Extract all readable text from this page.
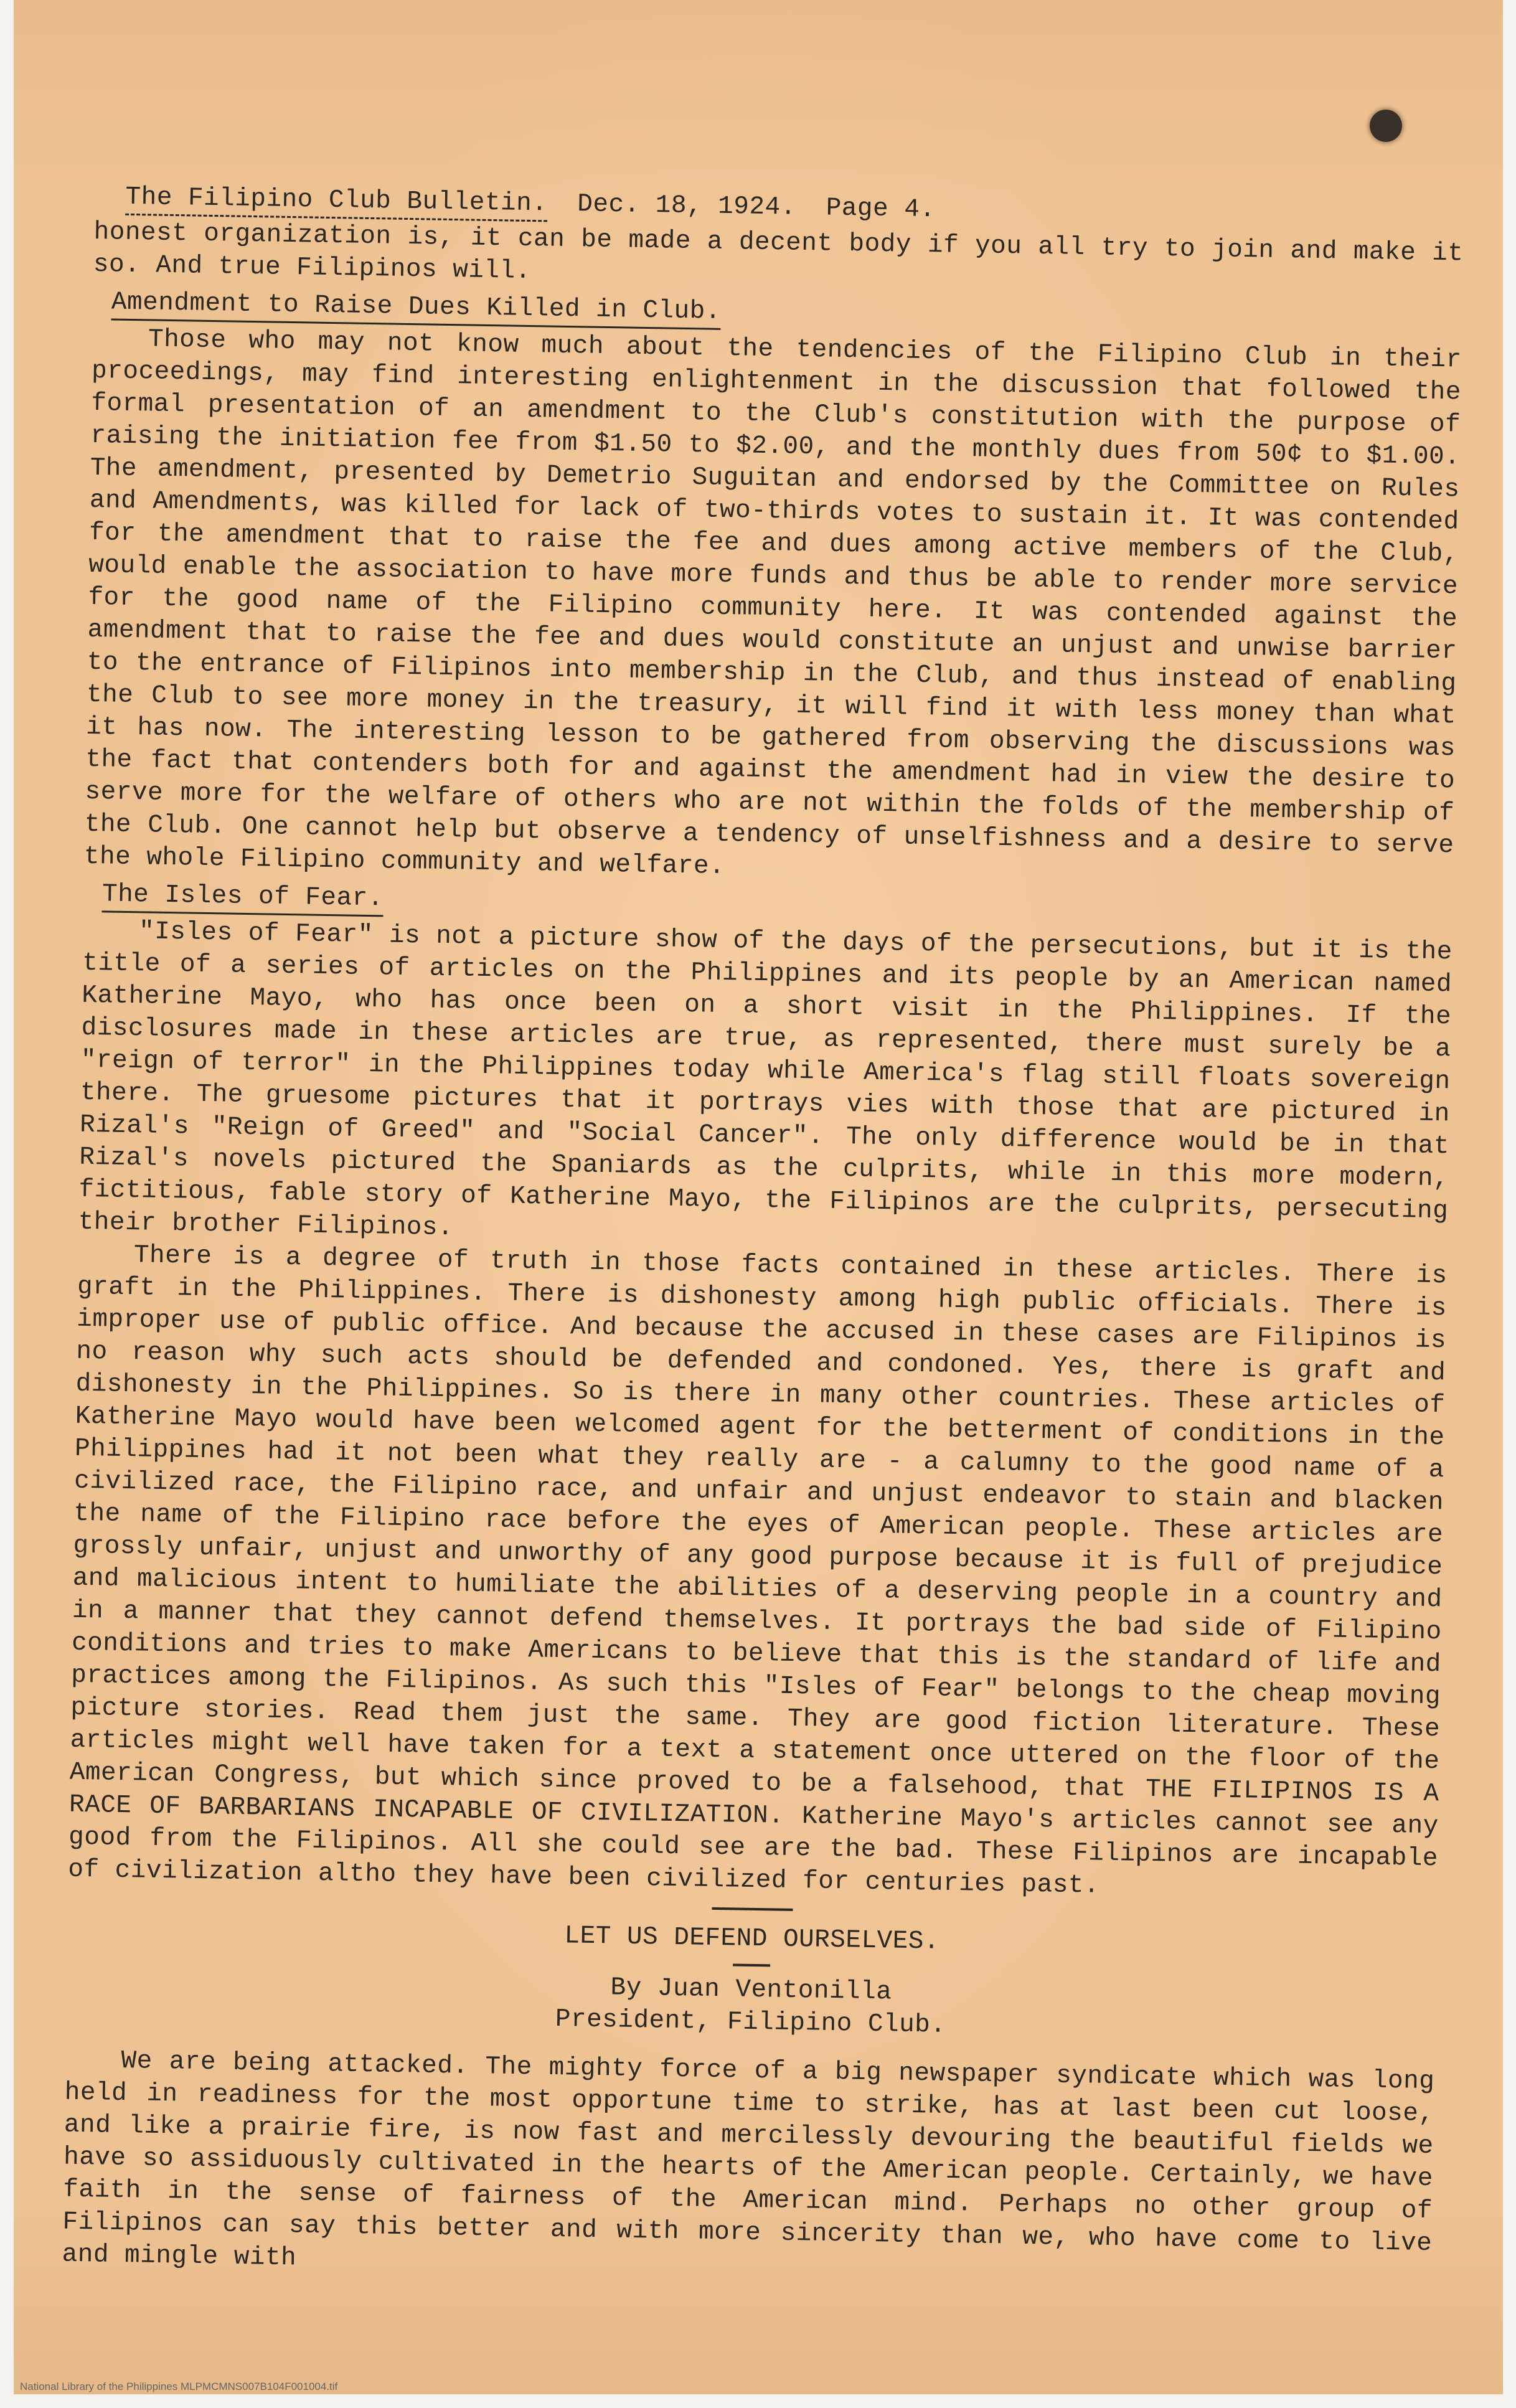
The Filipino Club Bulletin. Dec. 18, 1924. Page 4.

honest organization is, it can be made a decent body if you all try to join and make it so. And true Filipinos will.

Amendment to Raise Dues Killed in Club.

Those who may not know much about the tendencies of the Filipino Club in their proceedings, may find interesting enlightenment in the discussion that followed the formal presentation of an amendment to the Club's constitution with the purpose of raising the initiation fee from $1.50 to $2.00, and the monthly dues from 50¢ to $1.00. The amendment, presented by Demetrio Suguitan and endorsed by the Committee on Rules and Amendments, was killed for lack of two-thirds votes to sustain it. It was contended for the amendment that to raise the fee and dues among active members of the Club, would enable the association to have more funds and thus be able to render more service for the good name of the Filipino community here. It was contended against the amendment that to raise the fee and dues would constitute an unjust and unwise barrier to the entrance of Filipinos into membership in the Club, and thus instead of enabling the Club to see more money in the treasury, it will find it with less money than what it has now. The interesting lesson to be gathered from observing the discussions was the fact that contenders both for and against the amendment had in view the desire to serve more for the welfare of others who are not within the folds of the membership of the Club. One cannot help but observe a tendency of unselfishness and a desire to serve the whole Filipino community and welfare.

The Isles of Fear.

"Isles of Fear" is not a picture show of the days of the persecutions, but it is the title of a series of articles on the Philippines and its people by an American named Katherine Mayo, who has once been on a short visit in the Philippines. If the disclosures made in these articles are true, as represented, there must surely be a "reign of terror" in the Philippines today while America's flag still floats sovereign there. The gruesome pictures that it portrays vies with those that are pictured in Rizal's "Reign of Greed" and "Social Cancer". The only difference would be in that Rizal's novels pictured the Spaniards as the culprits, while in this more modern, fictitious, fable story of Katherine Mayo, the Filipinos are the culprits, persecuting their brother Filipinos.

There is a degree of truth in those facts contained in these articles. There is graft in the Philippines. There is dishonesty among high public officials. There is improper use of public office. And because the accused in these cases are Filipinos is no reason why such acts should be defended and condoned. Yes, there is graft and dishonesty in the Philippines. So is there in many other countries. These articles of Katherine Mayo would have been welcomed agent for the betterment of conditions in the Philippines had it not been what they really are - a calumny to the good name of a civilized race, the Filipino race, and unfair and unjust endeavor to stain and blacken the name of the Filipino race before the eyes of American people. These articles are grossly unfair, unjust and unworthy of any good purpose because it is full of prejudice and malicious intent to humiliate the abilities of a deserving people in a country and in a manner that they cannot defend themselves. It portrays the bad side of Filipino conditions and tries to make Americans to believe that this is the standard of life and practices among the Filipinos. As such this "Isles of Fear" belongs to the cheap moving picture stories. Read them just the same. They are good fiction literature. These articles might well have taken for a text a statement once uttered on the floor of the American Congress, but which since proved to be a falsehood, that THE FILIPINOS IS A RACE OF BARBARIANS INCAPABLE OF CIVILIZATION. Katherine Mayo's articles cannot see any good from the Filipinos. All she could see are the bad. These Filipinos are incapable of civilization altho they have been civilized for centuries past.

LET US DEFEND OURSELVES.

By Juan Ventonilla

President, Filipino Club.

We are being attacked. The mighty force of a big newspaper syndicate which was long held in readiness for the most opportune time to strike, has at last been cut loose, and like a prairie fire, is now fast and mercilessly devouring the beautiful fields we have so assiduously cultivated in the hearts of the American people. Certainly, we have faith in the sense of fairness of the American mind. Perhaps no other group of Filipinos can say this better and with more sincerity than we, who have come to live and mingle with

National Library of the Philippines MLPMCMNS007B104F001004.tif
